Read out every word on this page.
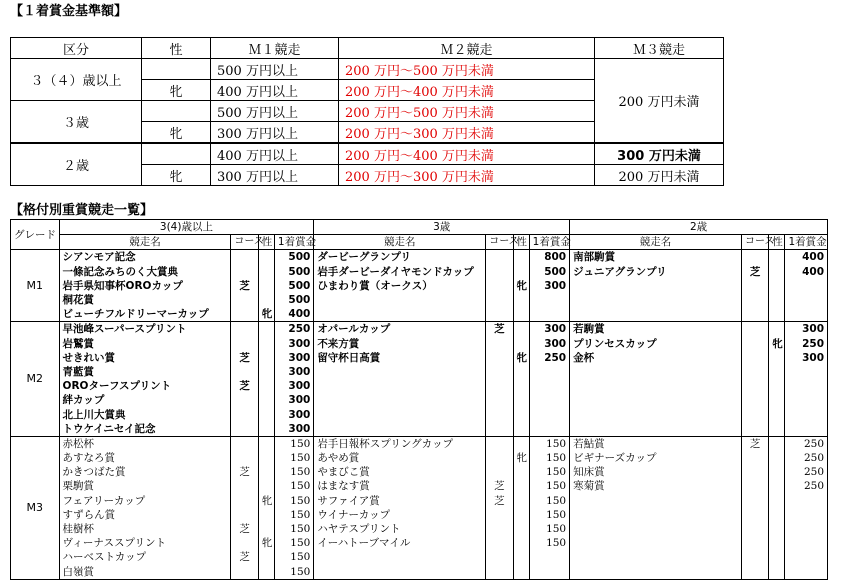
【１着賞金基準額】
区分	性	Ｍ１競走	Ｍ２競走	Ｍ３競走
３（４）歳以上		500 万円以上	200 万円～500 万円未満	200 万円未満
	牝	400 万円以上	200 万円～400 万円未満	
３歳		500 万円以上	200 万円～500 万円未満	
	牝	300 万円以上	200 万円～300 万円未満	
２歳		400 万円以上	200 万円～400 万円未満	300 万円未満
	牝	300 万円以上	200 万円～300 万円未満	200 万円未満
【格付別重賞競走一覧】
グレード	3(4)歳以上				3歳				2歳			
	競走名	コース	性	1着賞金	競走名	コース	性	1着賞金	競走名	コース	性	1着賞金
M1	シアンモア記念			500	ダービーグランプリ			800	南部駒賞			400
	一條記念みちのく大賞典			500	岩手ダービーダイヤモンドカップ			500	ジュニアグランプリ	芝		400
	岩手県知事杯OROカップ	芝		500	ひまわり賞（オークス）		牝	300				
	桐花賞			500								
	ビューチフルドリーマーカップ		牝	400								
M2	早池峰スーパースプリント			250	オパールカップ	芝		300	若駒賞			300
	岩鷲賞			300	不来方賞			300	プリンセスカップ		牝	250
	せきれい賞	芝		300	留守杯日高賞		牝	250	金杯			300
	青藍賞			300								
	OROターフスプリント	芝		300								
	絆カップ			300								
	北上川大賞典			300								
	トウケイニセイ記念			300								
M3	赤松杯			150	岩手日報杯スプリングカップ			150	若鮎賞	芝		250
	あすなろ賞			150	あやめ賞		牝	150	ビギナーズカップ			250
	かきつばた賞	芝		150	やまびこ賞			150	知床賞			250
	栗駒賞			150	はまなす賞	芝		150	寒菊賞			250
	フェアリーカップ		牝	150	サファイア賞	芝		150				
	すずらん賞			150	ウイナーカップ			150				
	桂樹杯	芝		150	ハヤテスプリント			150				
	ヴィーナススプリント		牝	150	イーハトーブマイル			150				
	ハーベストカップ	芝		150								
	白嶺賞			150								
